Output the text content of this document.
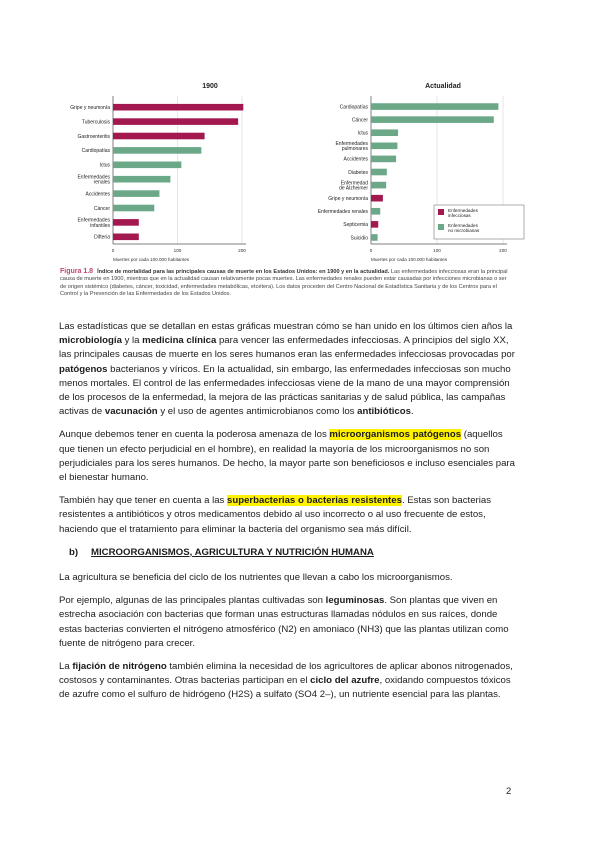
1900
0	100	200
Gripe y neumonía
Tuberculosis
Gastroenteritis
Cardiopatías
Ictus
Enfermedades renales
Accidentes
Cáncer
Enfermedades infantiles
Difteria
Muertes por cada 100.000 habitantes
Actualidad
0	100	200
Cardiopatías
Cáncer
Ictus
Enfermedades pulmonares
Accidentes
Diabetes
Enfermedad de Alzheimer
Gripe y neumonía
Enfermedades renales
Septicemia
Suicidio
Muertes por cada 100.000 habitantes
Enfermedades infecciosas
Enfermedades no microbianas
Figura 1.8 Índice de mortalidad para las principales causas de muerte en los Estados Unidos: en 1900 y en la actualidad. Las enfermedades infecciosas eran la principal causa de muerte en 1900, mientras que en la actualidad causan relativamente pocas muertes. Las enfermedades renales pueden estar causadas por infecciones microbianas o ser de origen sistémico (diabetes, cáncer, toxicidad, enfermedades metabólicas, etcétera). Los datos proceden del Centro Nacional de Estadística Sanitaria y de los Centros para el Control y la Prevención de las Enfermedades de los Estados Unidos.

Las estadísticas que se detallan en estas gráficas muestran cómo se han unido en los últimos cien años la microbiología y la medicina clínica para vencer las enfermedades infecciosas. A principios del siglo XX, las principales causas de muerte en los seres humanos eran las enfermedades infecciosas provocadas por patógenos bacterianos y víricos. En la actualidad, sin embargo, las enfermedades infecciosas son mucho menos mortales. El control de las enfermedades infecciosas viene de la mano de una mayor comprensión de los procesos de la enfermedad, la mejora de las prácticas sanitarias y de salud pública, las campañas activas de vacunación y el uso de agentes antimicrobianos como los antibióticos.

Aunque debemos tener en cuenta la poderosa amenaza de los microorganismos patógenos (aquellos que tienen un efecto perjudicial en el hombre), en realidad la mayoría de los microorganismos no son perjudiciales para los seres humanos. De hecho, la mayor parte son beneficiosos e incluso esenciales para el bienestar humano.

También hay que tener en cuenta a las superbacterias o bacterias resistentes. Estas son bacterias resistentes a antibióticos y otros medicamentos debido al uso incorrecto o al uso frecuente de estos, haciendo que el tratamiento para eliminar la bacteria del organismo sea más difícil.

b) MICROORGANISMOS, AGRICULTURA Y NUTRICIÓN HUMANA

La agricultura se beneficia del ciclo de los nutrientes que llevan a cabo los microorganismos.

Por ejemplo, algunas de las principales plantas cultivadas son leguminosas. Son plantas que viven en estrecha asociación con bacterias que forman unas estructuras llamadas nódulos en sus raíces, donde estas bacterias convierten el nitrógeno atmosférico (N2) en amoniaco (NH3) que las plantas utilizan como fuente de nitrógeno para crecer.

La fijación de nitrógeno también elimina la necesidad de los agricultores de aplicar abonos nitrogenados, costosos y contaminantes. Otras bacterias participan en el ciclo del azufre, oxidando compuestos tóxicos de azufre como el sulfuro de hidrógeno (H2S) a sulfato (SO4 2–), un nutriente esencial para las plantas.

2
